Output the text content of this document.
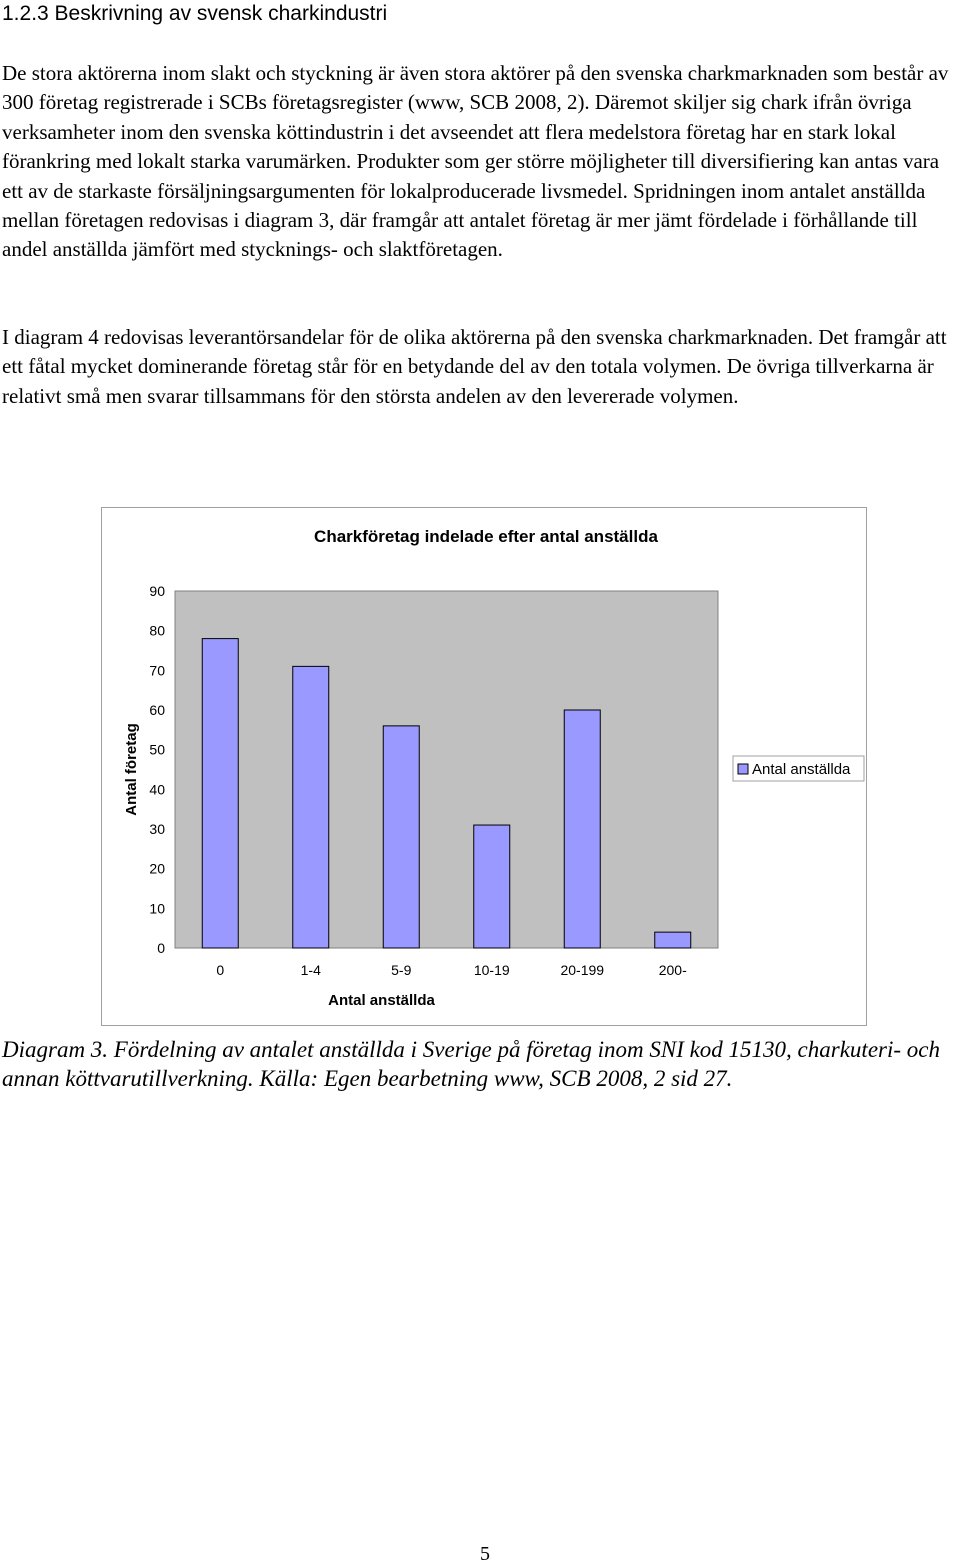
1.2.3 Beskrivning av svensk charkindustri

De stora aktörerna inom slakt och styckning är även stora aktörer på den svenska charkmarknaden som består av 300 företag registrerade i SCBs företagsregister (www, SCB 2008, 2). Däremot skiljer sig chark ifrån övriga verksamheter inom den svenska köttindustrin i det avseendet att flera medelstora företag har en stark lokal förankring med lokalt starka varumärken. Produkter som ger större möjligheter till diversifiering kan antas vara ett av de starkaste försäljningsargumenten för lokalproducerade livsmedel. Spridningen inom antalet anställda mellan företagen redovisas i diagram 3, där framgår att antalet företag är mer jämt fördelade i förhållande till andel anställda jämfört med stycknings- och slaktföretagen.

I diagram 4 redovisas leverantörsandelar för de olika aktörerna på den svenska charkmarknaden. Det framgår att ett fåtal mycket dominerande företag står för en betydande del av den totala volymen. De övriga tillverkarna är relativt små men svarar tillsammans för den största andelen av den levererade volymen.

Charkföretag indelade efter antal anställda
0
10
20
30
40
50
60
70
80
90
Antal företag
0	1-4	5-9	10-19	20-199	200-
Antal anställda
Antal anställda

Diagram 3. Fördelning av antalet anställda i Sverige på företag inom SNI kod 15130, charkuteri- och annan köttvarutillverkning. Källa: Egen bearbetning www, SCB 2008, 2 sid 27.

5
